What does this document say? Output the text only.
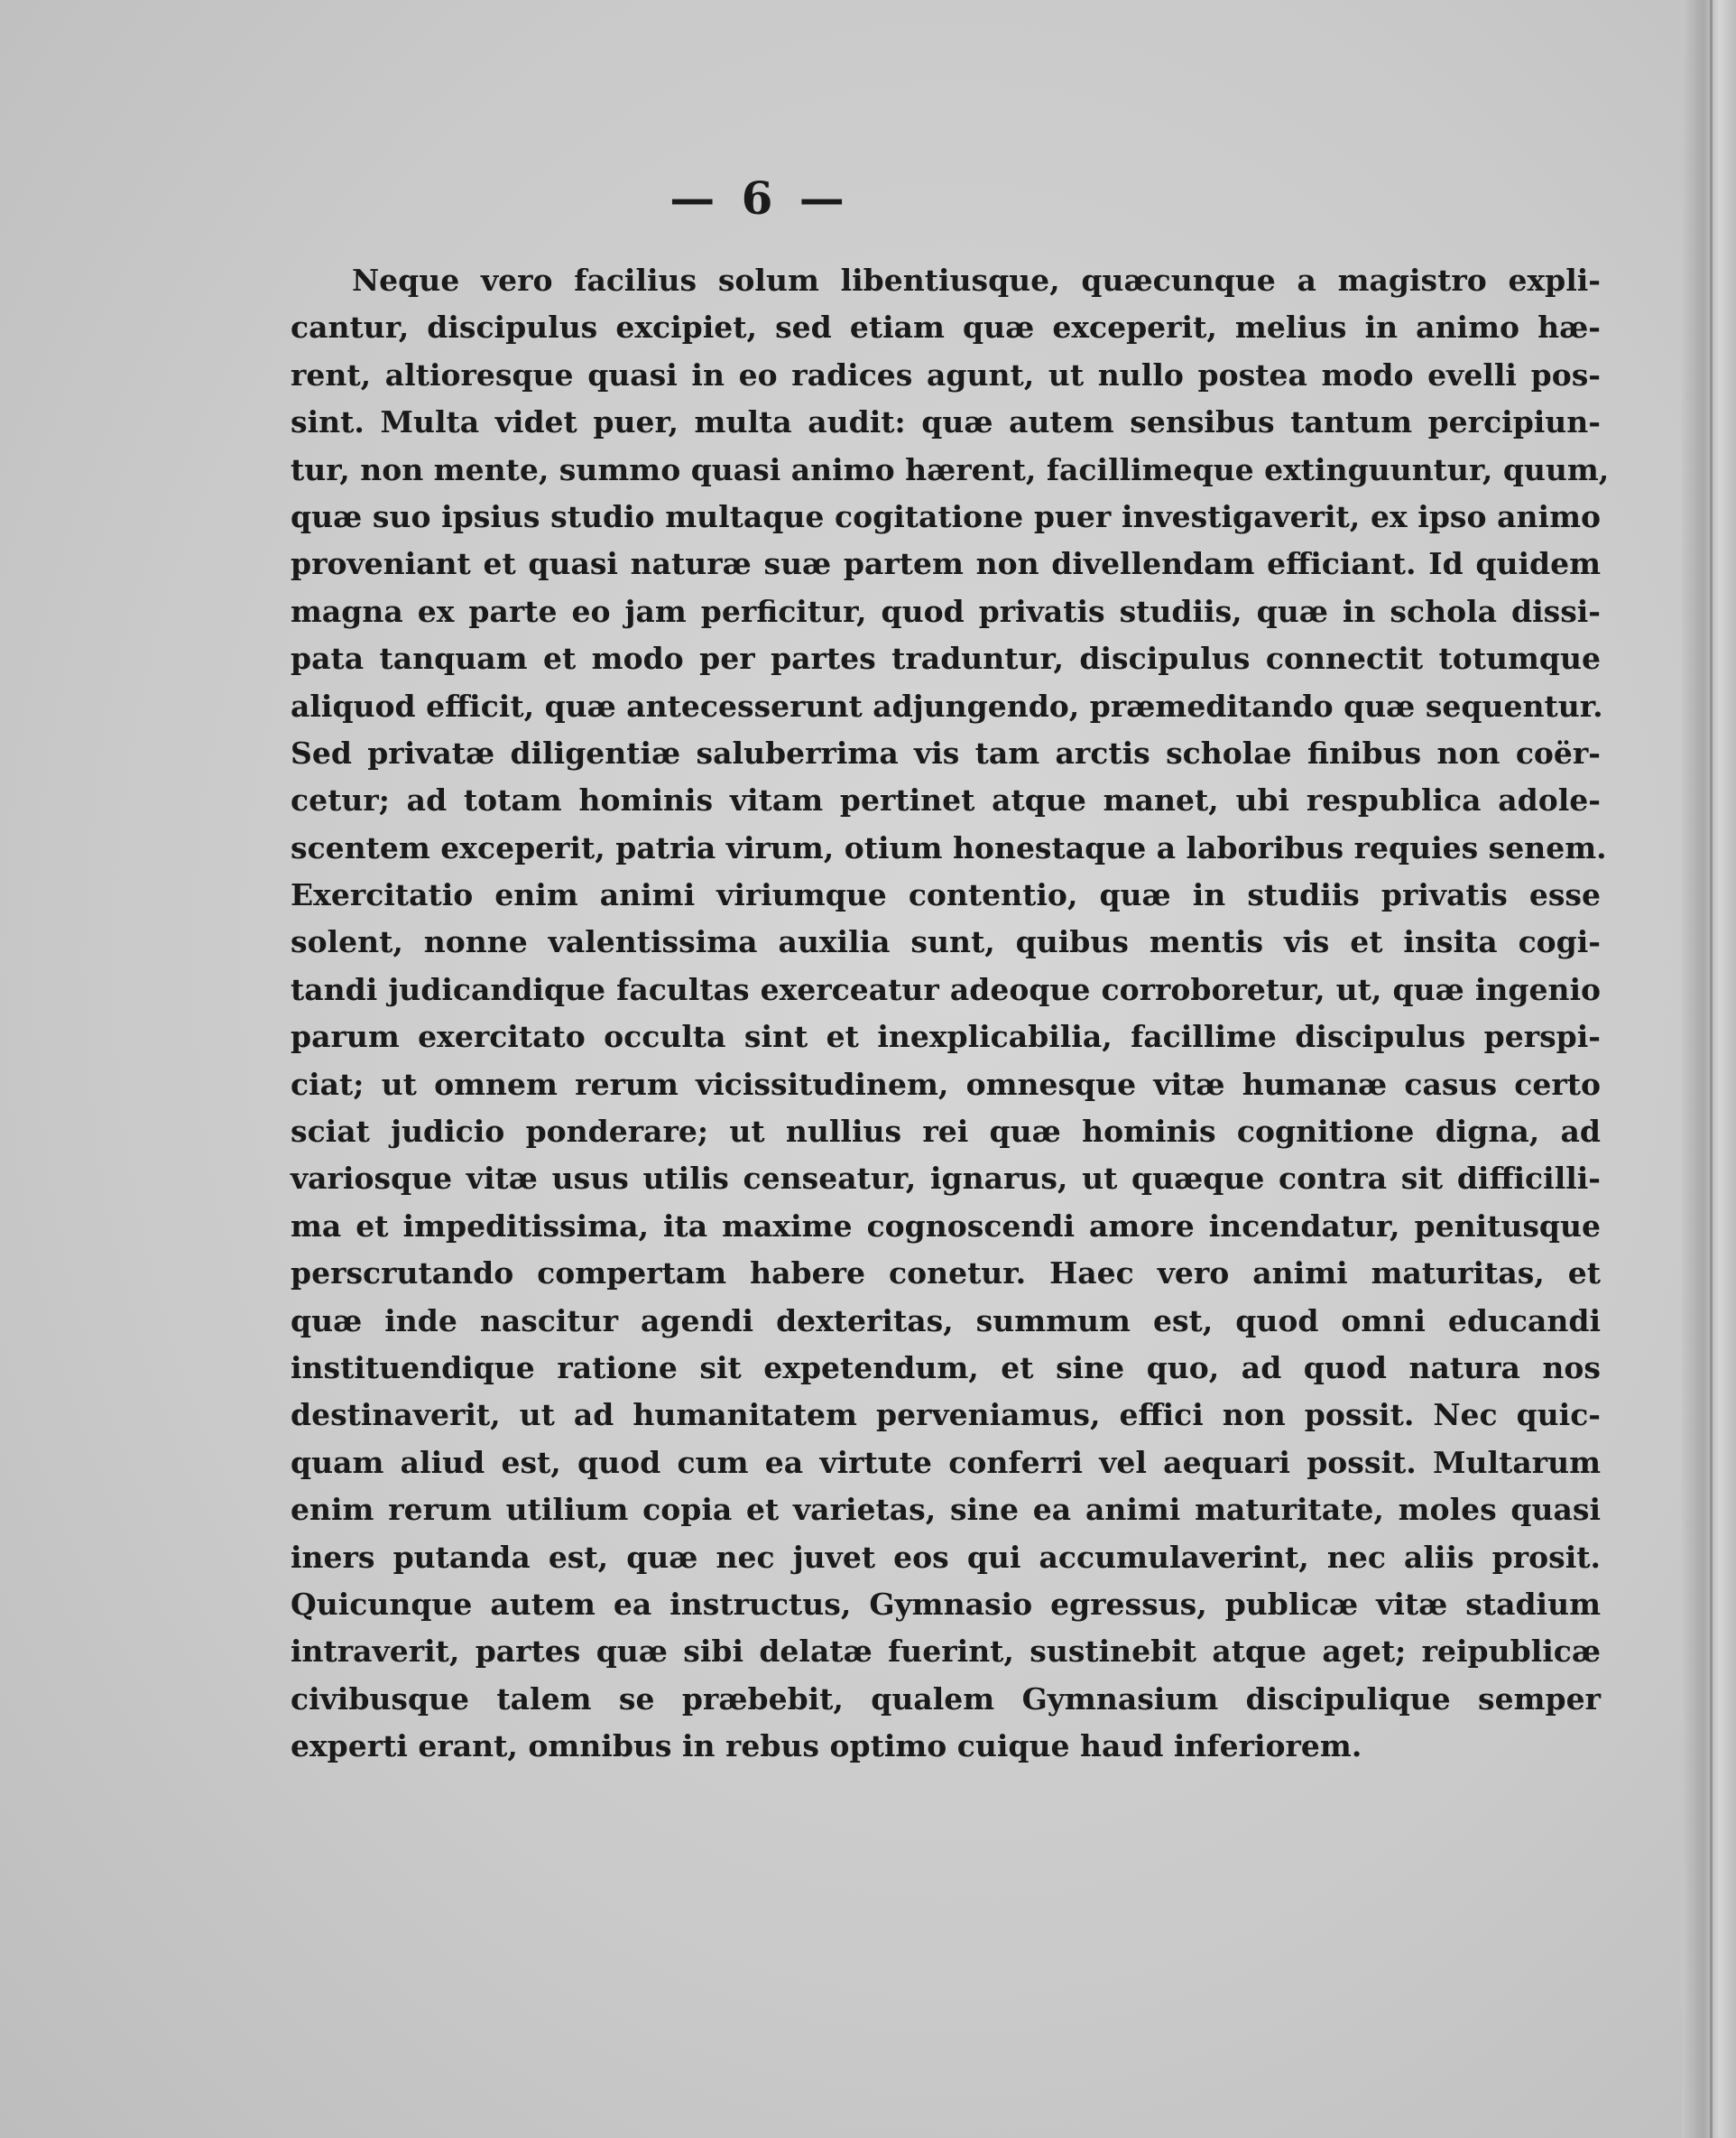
— 6 —
Neque vero facilius solum libentiusque, quæcunque a magistro expli-
cantur, discipulus excipiet, sed etiam quæ exceperit, melius in animo hæ-
rent, altioresque quasi in eo radices agunt, ut nullo postea modo evelli pos-
sint. Multa videt puer, multa audit: quæ autem sensibus tantum percipiun-
tur, non mente, summo quasi animo hærent, facillimeque extinguuntur, quum,
quæ suo ipsius studio multaque cogitatione puer investigaverit, ex ipso animo
proveniant et quasi naturæ suæ partem non divellendam efficiant. Id quidem
magna ex parte eo jam perficitur, quod privatis studiis, quæ in schola dissi-
pata tanquam et modo per partes traduntur, discipulus connectit totumque
aliquod efficit, quæ antecesserunt adjungendo, præmeditando quæ sequentur.
Sed privatæ diligentiæ saluberrima vis tam arctis scholae finibus non coër-
cetur; ad totam hominis vitam pertinet atque manet, ubi respublica adole-
scentem exceperit, patria virum, otium honestaque a laboribus requies senem.
Exercitatio enim animi viriumque contentio, quæ in studiis privatis esse
solent, nonne valentissima auxilia sunt, quibus mentis vis et insita cogi-
tandi judicandique facultas exerceatur adeoque corroboretur, ut, quæ ingenio
parum exercitato occulta sint et inexplicabilia, facillime discipulus perspi-
ciat; ut omnem rerum vicissitudinem, omnesque vitæ humanæ casus certo
sciat judicio ponderare; ut nullius rei quæ hominis cognitione digna, ad
variosque vitæ usus utilis censeatur, ignarus, ut quæque contra sit difficilli-
ma et impeditissima, ita maxime cognoscendi amore incendatur, penitusque
perscrutando compertam habere conetur. Haec vero animi maturitas, et
quæ inde nascitur agendi dexteritas, summum est, quod omni educandi
instituendique ratione sit expetendum, et sine quo, ad quod natura nos
destinaverit, ut ad humanitatem perveniamus, effici non possit. Nec quic-
quam aliud est, quod cum ea virtute conferri vel aequari possit. Multarum
enim rerum utilium copia et varietas, sine ea animi maturitate, moles quasi
iners putanda est, quæ nec juvet eos qui accumulaverint, nec aliis prosit.
Quicunque autem ea instructus, Gymnasio egressus, publicæ vitæ stadium
intraverit, partes quæ sibi delatæ fuerint, sustinebit atque aget; reipublicæ
civibusque talem se præbebit, qualem Gymnasium discipulique semper
experti erant, omnibus in rebus optimo cuique haud inferiorem.
